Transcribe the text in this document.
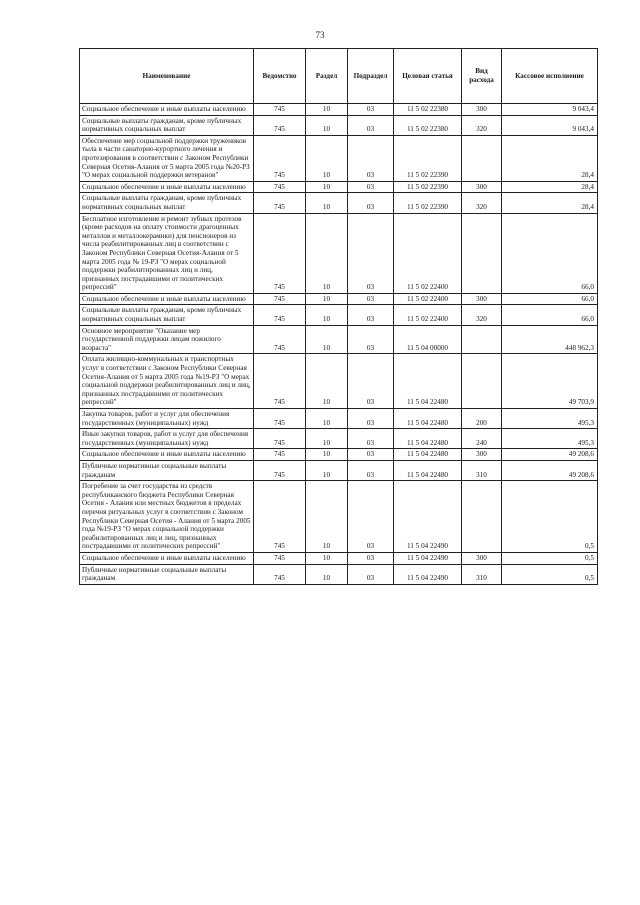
73
Наименование	Ведомство	Раздел	Подраздел	Целевая статья	Вид расхода	Кассовое исполнение
Социальное обеспечение и иные выплаты населению	745	10	03	11 5 02 22380	300	9 043,4
Социальные выплаты гражданам, кроме публичных нормативных социальных выплат	745	10	03	11 5 02 22380	320	9 043,4
Обеспечение мер социальной поддержки тружеников тыла в части санаторно-курортного лечения и протезирования в соответствии с Законом Республики Северная Осетия-Алания от 5 марта 2005 года №20-РЗ "О мерах социальной поддержки ветеранов"	745	10	03	11 5 02 22390		28,4
Социальное обеспечение и иные выплаты населению	745	10	03	11 5 02 22390	300	28,4
Социальные выплаты гражданам, кроме публичных нормативных социальных выплат	745	10	03	11 5 02 22390	320	28,4
Бесплатное изготовление и ремонт зубных протезов (кроме расходов на оплату стоимости драгоценных металлов и металлокерамики) для пенсионеров из числа реабилитированных лиц в соответствии с Законом Республики Северная Осетия-Алания от 5 марта 2005 года № 19-РЗ "О мерах социальной поддержки реабилитированных лиц и лиц, признанных пострадавшими от политических репрессий"	745	10	03	11 5 02 22400		66,0
Социальное обеспечение и иные выплаты населению	745	10	03	11 5 02 22400	300	66,0
Социальные выплаты гражданам, кроме публичных нормативных социальных выплат	745	10	03	11 5 02 22400	320	66,0
Основное мероприятие "Оказание мер государственной поддержки лицам пожилого возраста"	745	10	03	11 5 04 00000		448 962,3
Оплата жилищно-коммунальных и транспортных услуг в соответствии с Законом Республики Северная Осетия-Алания от 5 марта 2005 года №19-РЗ "О мерах социальной поддержки реабилитированных лиц и лиц, признанных пострадавшими от политических репрессий"	745	10	03	11 5 04 22480		49 703,9
Закупка товаров, работ и услуг для обеспечения государственных (муниципальных) нужд	745	10	03	11 5 04 22480	200	495,3
Иные закупки товаров, работ и услуг для обеспечения государственных (муниципальных) нужд	745	10	03	11 5 04 22480	240	495,3
Социальное обеспечение и иные выплаты населению	745	10	03	11 5 04 22480	300	49 208,6
Публичные нормативные социальные выплаты гражданам	745	10	03	11 5 04 22480	310	49 208,6
Погребение за счет государства из средств республиканского бюджета Республики Северная Осетия - Алания или местных бюджетов в пределах перечня ритуальных услуг в соответствии с Законом Республики Северная Осетия - Алания от 5 марта 2005 года №19-РЗ "О мерах социальной поддержки реабилитированных лиц и лиц, признанных пострадавшими от политических репрессий"	745	10	03	11 5 04 22490		0,5
Социальное обеспечение и иные выплаты населению	745	10	03	11 5 04 22490	300	0,5
Публичные нормативные социальные выплаты гражданам	745	10	03	11 5 04 22490	310	0,5
